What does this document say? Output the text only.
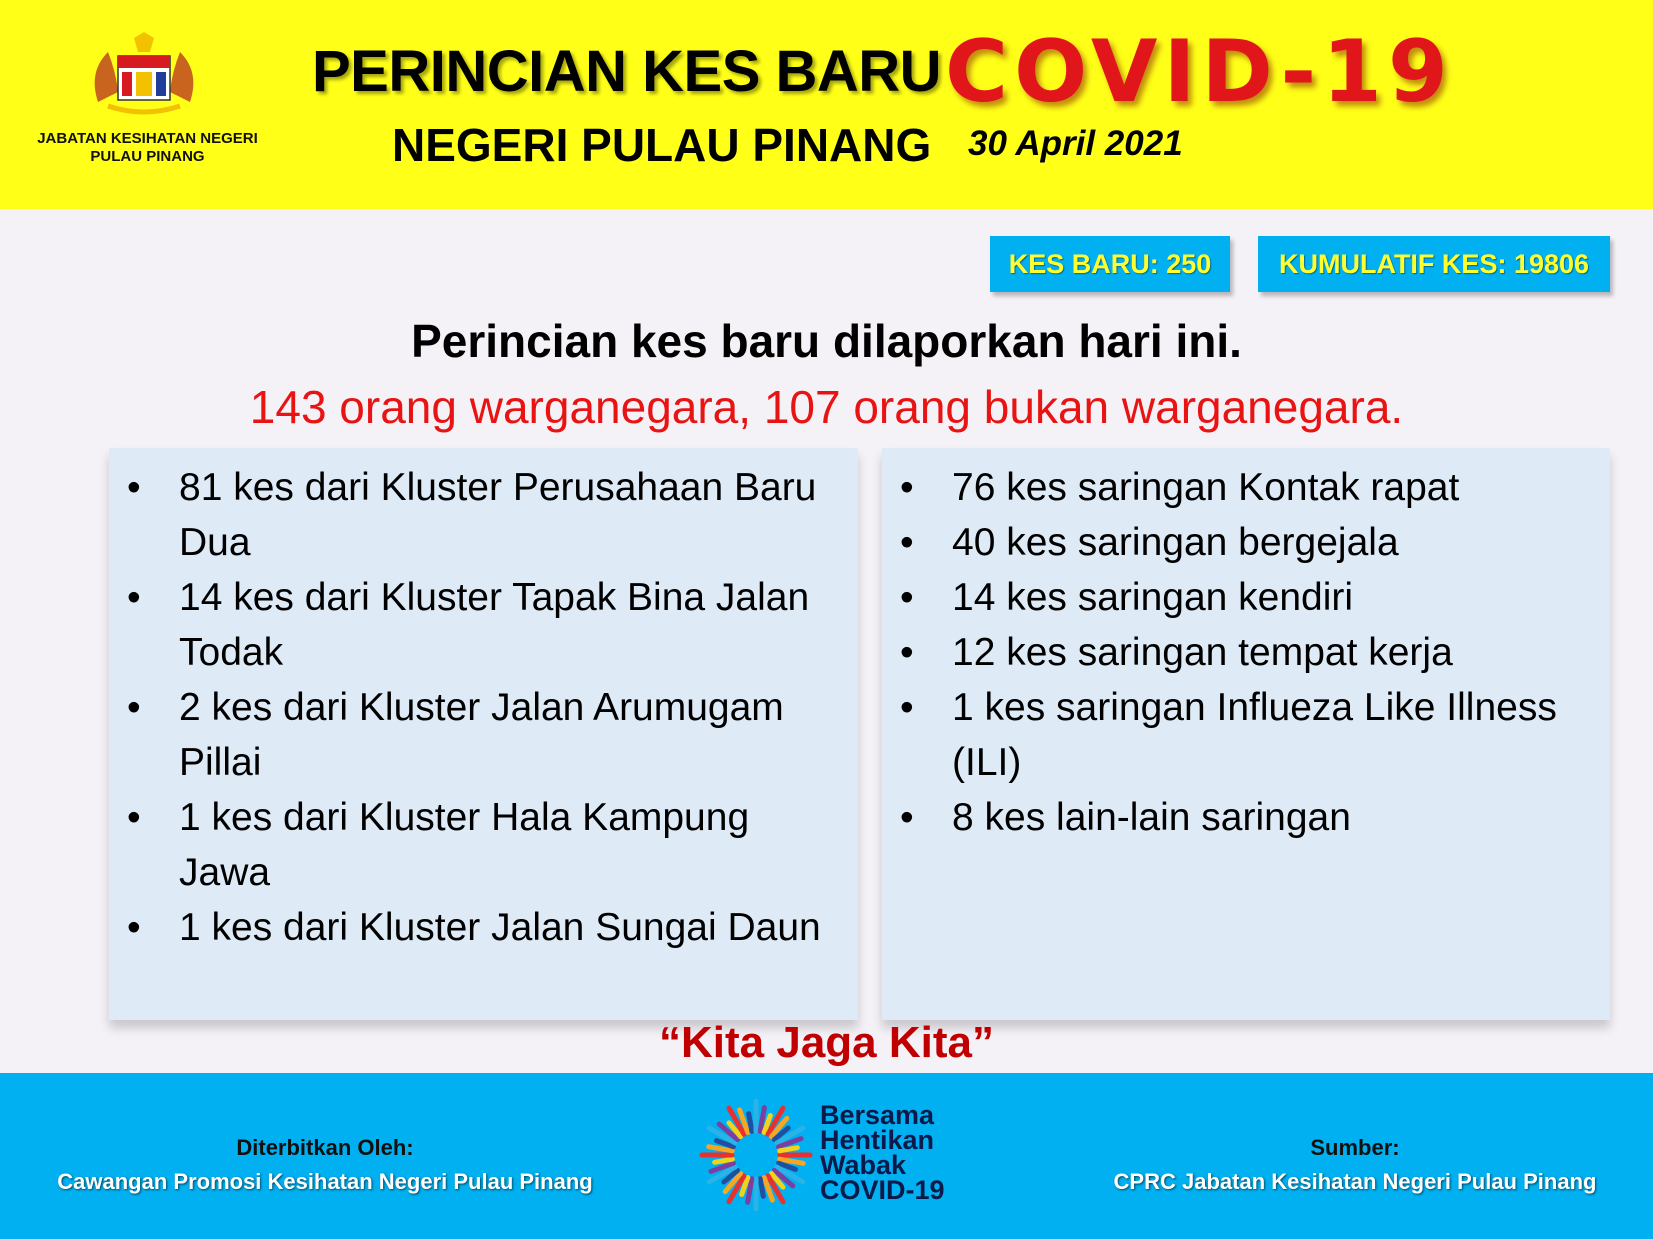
JABATAN KESIHATAN NEGERI
PULAU PINANG
PERINCIAN KES BARU COVID-19
NEGERI PULAU PINANG 30 April 2021
KES BARU: 250	KUMULATIF KES: 19806
Perincian kes baru dilaporkan hari ini.
143 orang warganegara, 107 orang bukan warganegara.
• 81 kes dari Kluster Perusahaan Baru Dua
• 14 kes dari Kluster Tapak Bina Jalan Todak
• 2 kes dari Kluster Jalan Arumugam Pillai
• 1 kes dari Kluster Hala Kampung Jawa
• 1 kes dari Kluster Jalan Sungai Daun
• 76 kes saringan Kontak rapat
• 40 kes saringan bergejala
• 14 kes saringan kendiri
• 12 kes saringan tempat kerja
• 1 kes saringan Influeza Like Illness (ILI)
• 8 kes lain-lain saringan
“Kita Jaga Kita”
Diterbitkan Oleh:
Cawangan Promosi Kesihatan Negeri Pulau Pinang
Bersama
Hentikan
Wabak
COVID-19
Sumber:
CPRC Jabatan Kesihatan Negeri Pulau Pinang
